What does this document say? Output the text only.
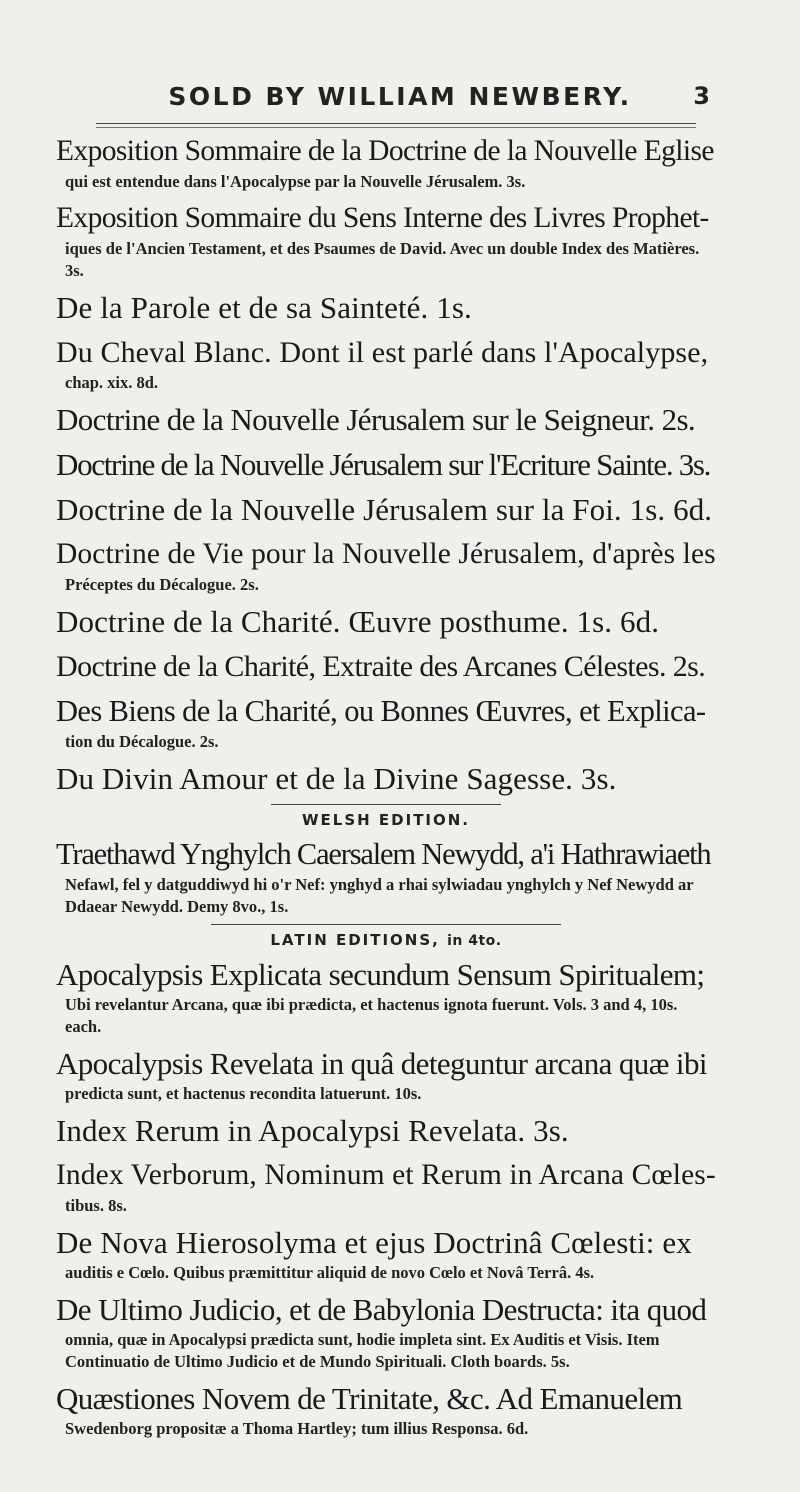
SOLD BY WILLIAM NEWBERY.	3
Exposition Sommaire de la Doctrine de la Nouvelle Eglise
qui est entendue dans l'Apocalypse par la Nouvelle Jérusalem. 3s.
Exposition Sommaire du Sens Interne des Livres Prophet-
iques de l'Ancien Testament, et des Psaumes de David. Avec un double Index des Matières. 3s.
De la Parole et de sa Sainteté. 1s.
Du Cheval Blanc. Dont il est parlé dans l'Apocalypse,
chap. xix. 8d.
Doctrine de la Nouvelle Jérusalem sur le Seigneur. 2s.
Doctrine de la Nouvelle Jérusalem sur l'Ecriture Sainte. 3s.
Doctrine de la Nouvelle Jérusalem sur la Foi. 1s. 6d.
Doctrine de Vie pour la Nouvelle Jérusalem, d'après les
Préceptes du Décalogue. 2s.
Doctrine de la Charité. Œuvre posthume. 1s. 6d.
Doctrine de la Charité, Extraite des Arcanes Célestes. 2s.
Des Biens de la Charité, ou Bonnes Œuvres, et Explica-
tion du Décalogue. 2s.
Du Divin Amour et de la Divine Sagesse. 3s.
WELSH EDITION.
Traethawd Ynghylch Caersalem Newydd, a'i Hathrawiaeth
Nefawl, fel y datguddiwyd hi o'r Nef: ynghyd a rhai sylwiadau ynghylch y Nef Newydd ar Ddaear Newydd. Demy 8vo., 1s.
LATIN EDITIONS, in 4to.
Apocalypsis Explicata secundum Sensum Spiritualem;
Ubi revelantur Arcana, quæ ibi prædicta, et hactenus ignota fuerunt. Vols. 3 and 4, 10s. each.
Apocalypsis Revelata in quâ deteguntur arcana quæ ibi
predicta sunt, et hactenus recondita latuerunt. 10s.
Index Rerum in Apocalypsi Revelata. 3s.
Index Verborum, Nominum et Rerum in Arcana Cœles-
tibus. 8s.
De Nova Hierosolyma et ejus Doctrinâ Cœlesti: ex
auditis e Cœlo. Quibus præmittitur aliquid de novo Cœlo et Novâ Terrâ. 4s.
De Ultimo Judicio, et de Babylonia Destructa: ita quod
omnia, quæ in Apocalypsi prædicta sunt, hodie impleta sint. Ex Auditis et Visis. Item Continuatio de Ultimo Judicio et de Mundo Spirituali. Cloth boards. 5s.
Quæstiones Novem de Trinitate, &c. Ad Emanuelem
Swedenborg propositæ a Thoma Hartley; tum illius Responsa. 6d.
